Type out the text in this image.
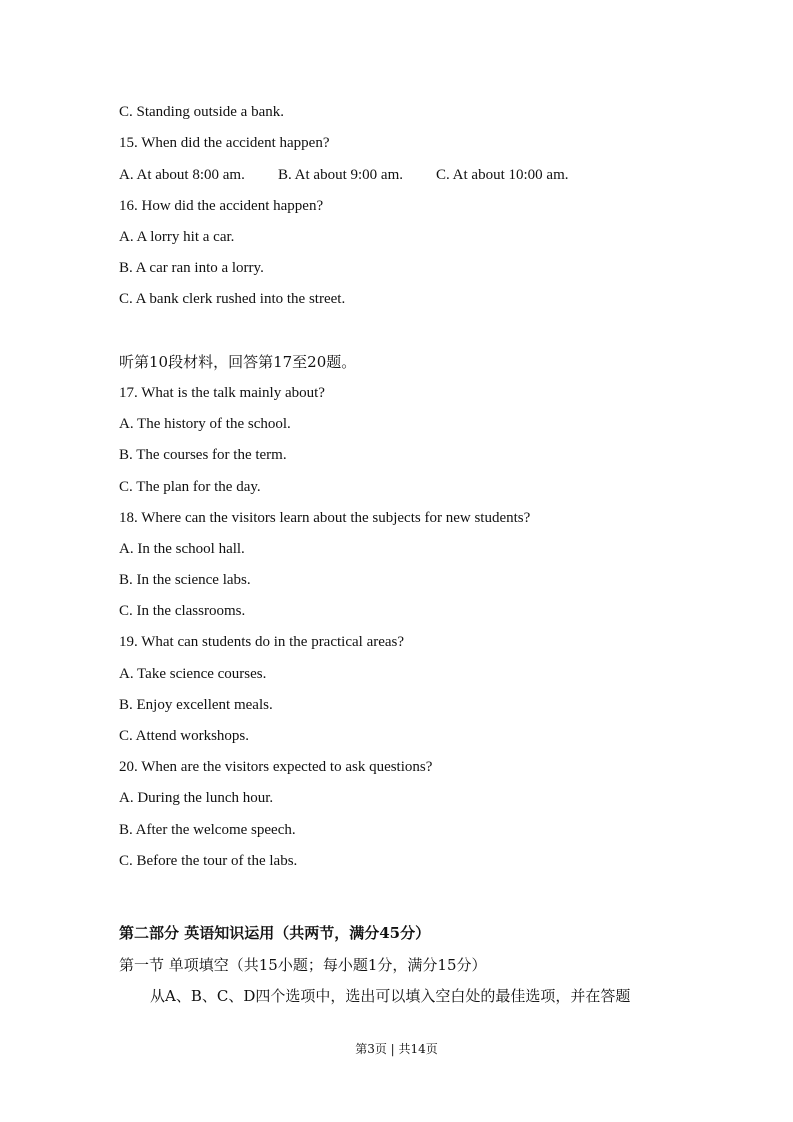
C. Standing outside a bank.
15. When did the accident happen?
A. At about 8:00 am. B. At about 9:00 am. C. At about 10:00 am.
16. How did the accident happen?
A. A lorry hit a car.
B. A car ran into a lorry.
C. A bank clerk rushed into the street.
听第10段材料，回答第17至20题。
17. What is the talk mainly about?
A. The history of the school.
B. The courses for the term.
C. The plan for the day.
18. Where can the visitors learn about the subjects for new students?
A. In the school hall.
B. In the science labs.
C. In the classrooms.
19. What can students do in the practical areas?
A. Take science courses.
B. Enjoy excellent meals.
C. Attend workshops.
20. When are the visitors expected to ask questions?
A. During the lunch hour.
B. After the welcome speech.
C. Before the tour of the labs.
第二部分 英语知识运用（共两节，满分45分）
第一节 单项填空（共15小题；每小题1分，满分15分）
从A、B、C、D四个选项中，选出可以填入空白处的最佳选项，并在答题
第3页 | 共14页
